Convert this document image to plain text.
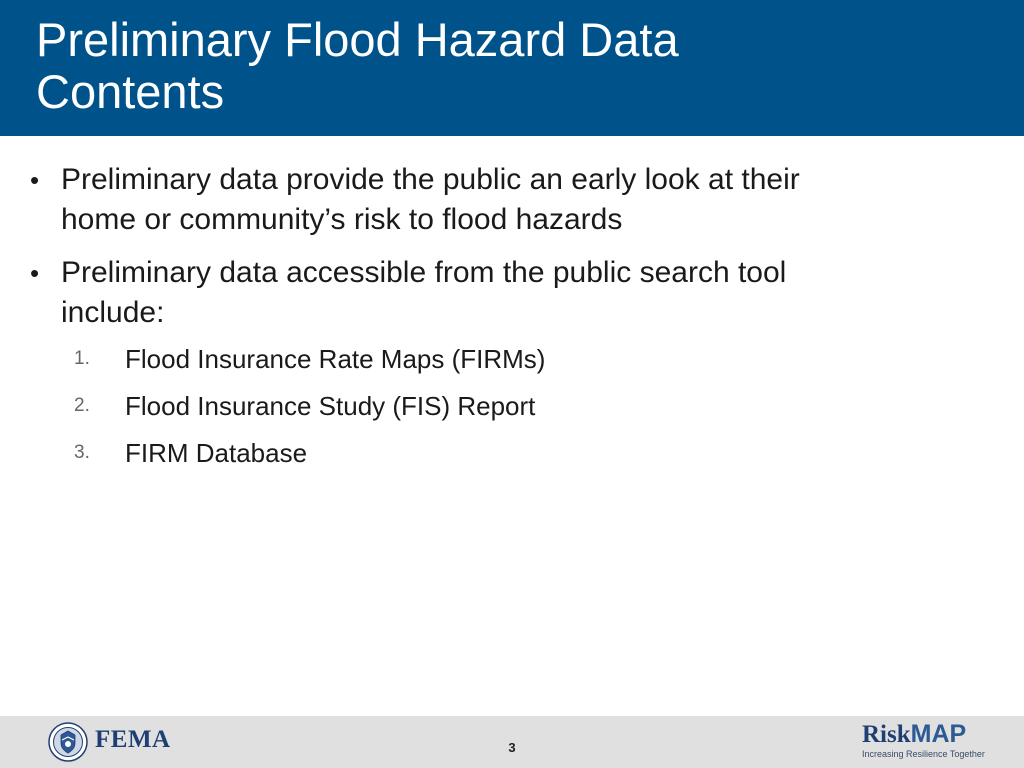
Preliminary Flood Hazard Data
Contents
• Preliminary data provide the public an early look at their
home or community’s risk to flood hazards
• Preliminary data accessible from the public search tool
include:
1. Flood Insurance Rate Maps (FIRMs)
2. Flood Insurance Study (FIS) Report
3. FIRM Database
FEMA	3	RiskMAP
Increasing Resilience Together
